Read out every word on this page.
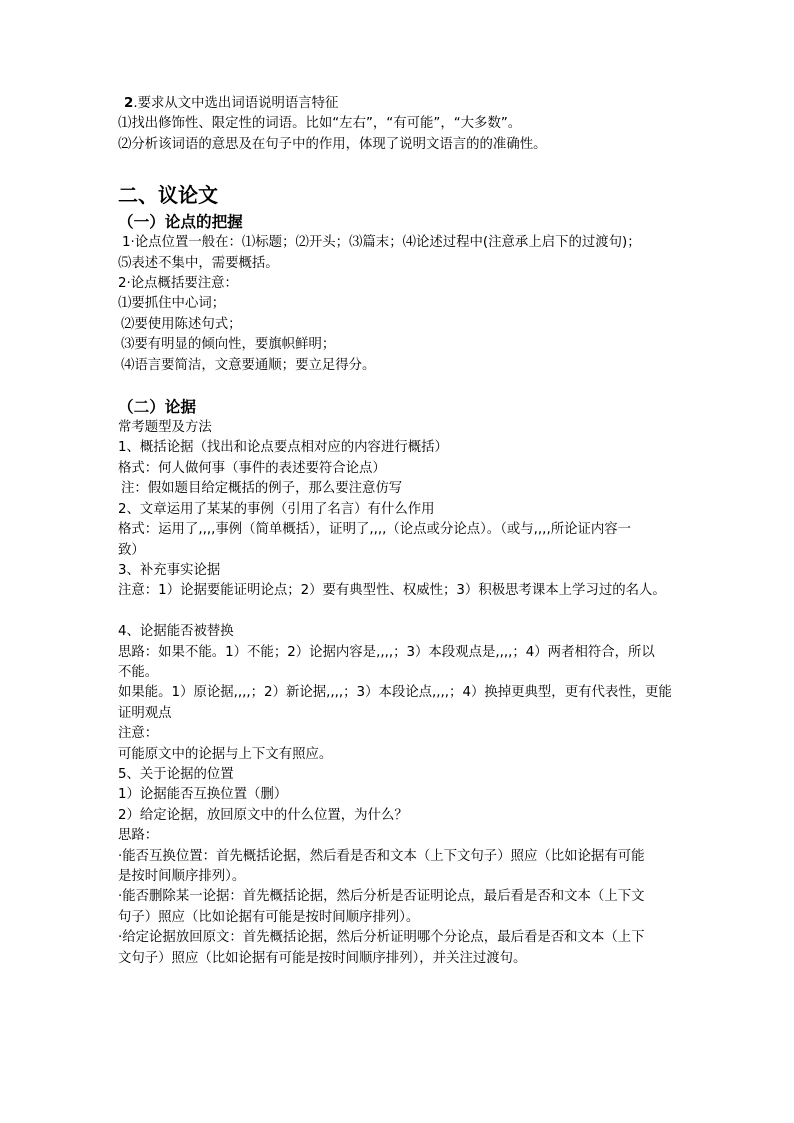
2.要求从文中选出词语说明语言特征
⑴找出修饰性、限定性的词语。比如“左右”，“有可能”，“大多数”。
⑵分析该词语的意思及在句子中的作用，体现了说明文语言的的准确性。
二、议论文
（一）论点的把握
1·论点位置一般在：⑴标题；⑵开头；⑶篇末；⑷论述过程中(注意承上启下的过渡句)；
⑸表述不集中，需要概括。
2·论点概括要注意：
⑴要抓住中心词；
⑵要使用陈述句式；
⑶要有明显的倾向性，要旗帜鲜明；
⑷语言要简洁，文意要通顺；要立足得分。
（二）论据
常考题型及方法
1、概括论据（找出和论点要点相对应的内容进行概括）
格式：何人做何事（事件的表述要符合论点）
注：假如题目给定概括的例子，那么要注意仿写
2、文章运用了某某的事例（引用了名言）有什么作用
格式：运用了,,,,事例（简单概括），证明了,,,,（论点或分论点）。（或与,,,,所论证内容一
致）
3、补充事实论据
注意：1）论据要能证明论点；2）要有典型性、权威性；3）积极思考课本上学习过的名人。
4、论据能否被替换
思路：如果不能。1）不能；2）论据内容是,,,,；3）本段观点是,,,,；4）两者相符合，所以
不能。
如果能。1）原论据,,,,；2）新论据,,,,；3）本段论点,,,,；4）换掉更典型，更有代表性，更能
证明观点
注意：
可能原文中的论据与上下文有照应。
5、关于论据的位置
1）论据能否互换位置（删）
2）给定论据，放回原文中的什么位置，为什么？
思路：
·能否互换位置：首先概括论据，然后看是否和文本（上下文句子）照应（比如论据有可能
是按时间顺序排列）。
·能否删除某一论据：首先概括论据，然后分析是否证明论点，最后看是否和文本（上下文
句子）照应（比如论据有可能是按时间顺序排列）。
·给定论据放回原文：首先概括论据，然后分析证明哪个分论点，最后看是否和文本（上下
文句子）照应（比如论据有可能是按时间顺序排列），并关注过渡句。
